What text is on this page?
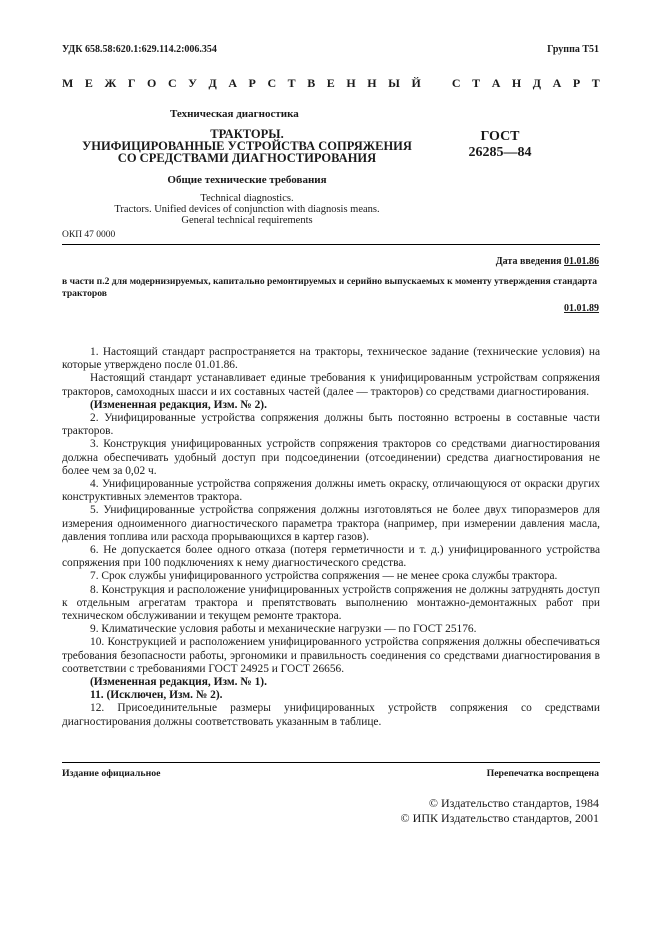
УДК 658.58:620.1:629.114.2:006.354	Группа Т51
М Е Ж Г О С У Д А Р С Т В Е Н Н Ы Й	С Т А Н Д А Р Т
Техническая диагностика
ТРАКТОРЫ.
УНИФИЦИРОВАННЫЕ УСТРОЙСТВА СОПРЯЖЕНИЯ
СО СРЕДСТВАМИ ДИАГНОСТИРОВАНИЯ
ГОСТ
26285—84
Общие технические требования
Technical diagnostics.
Tractors. Unified devices of conjunction with diagnosis means.
General technical requirements
ОКП 47 0000
Дата введения 01.01.86
в части п.2 для модернизируемых, капитально ремонтируемых и серийно выпускаемых к моменту утверждения стандарта тракторов
01.01.89

1. Настоящий стандарт распространяется на тракторы, техническое задание (технические условия) на которые утверждено после 01.01.86.

Настоящий стандарт устанавливает единые требования к унифицированным устройствам сопряжения тракторов, самоходных шасси и их составных частей (далее — тракторов) со средствами диагностирования.

(Измененная редакция, Изм. № 2).

2. Унифицированные устройства сопряжения должны быть постоянно встроены в составные части тракторов.

3. Конструкция унифицированных устройств сопряжения тракторов со средствами диагностирования должна обеспечивать удобный доступ при подсоединении (отсоединении) средства диагностирования не более чем за 0,02 ч.

4. Унифицированные устройства сопряжения должны иметь окраску, отличающуюся от окраски других конструктивных элементов трактора.

5. Унифицированные устройства сопряжения должны изготовляться не более двух типоразмеров для измерения одноименного диагностического параметра трактора (например, при измерении давления масла, давления топлива или расхода прорывающихся в картер газов).

6. Не допускается более одного отказа (потеря герметичности и т. д.) унифицированного устройства сопряжения при 100 подключениях к нему диагностического средства.

7. Срок службы унифицированного устройства сопряжения — не менее срока службы трактора.

8. Конструкция и расположение унифицированных устройств сопряжения не должны затруднять доступ к отдельным агрегатам трактора и препятствовать выполнению монтажно-демонтажных работ при техническом обслуживании и текущем ремонте трактора.

9. Климатические условия работы и механические нагрузки — по ГОСТ 25176.

10. Конструкцией и расположением унифицированного устройства сопряжения должны обеспечиваться требования безопасности работы, эргономики и правильность соединения со средствами диагностирования в соответствии с требованиями ГОСТ 24925 и ГОСТ 26656.

(Измененная редакция, Изм. № 1).

11. (Исключен, Изм. № 2).

12. Присоединительные размеры унифицированных устройств сопряжения со средствами диагностирования должны соответствовать указанным в таблице.

Издание официальное	Перепечатка воспрещена
© Издательство стандартов, 1984
© ИПК Издательство стандартов, 2001
